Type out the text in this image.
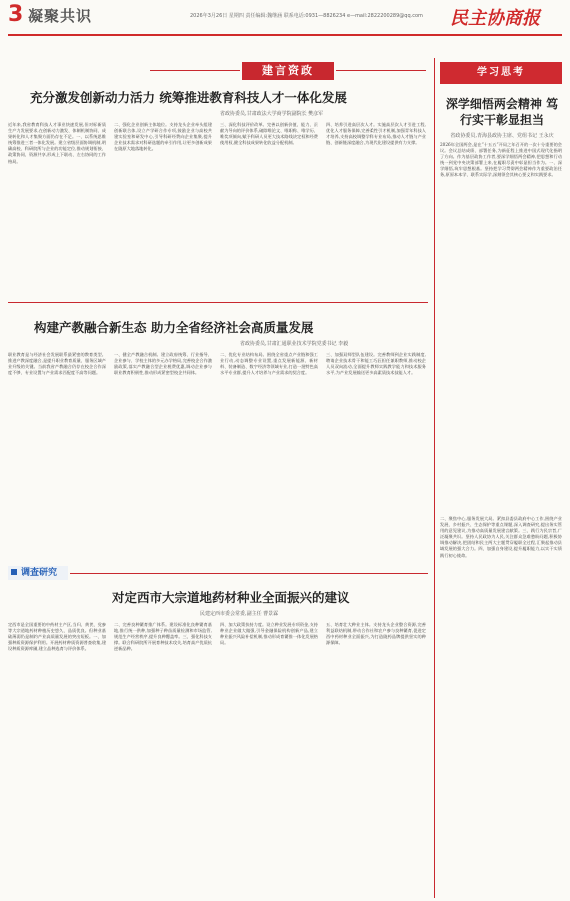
3 凝聚共识	2026年3月26日 星期四 责任编辑:魏继涵 联系电话:0931—8826234 e—mail:2822200289@qq.com 民主协商报
建言资政	学习思考
深学细悟两会精神 笃行实干彰显担当
省政协委员,青海县政协主席、党组书记 王永庆
2026年全国两会,是在“十五五”开局之年召开的一次十分重要的会议。会议总结成绩、部署任务,为新征程上推进中国式现代化指明了方向。作为基层政协工作者,要深学细悟两会精神,把思想和行动统一到党中央决策部署上来,在履职尽责中彰显担当作为。一、深学细悟,筑牢思想根基。坚持把学习贯彻两会精神作为重要政治任务,原原本本学、联系实际学,深刻领会其核心要义和实践要求。
二、聚焦中心,服务发展大局。紧扣县委县政府中心工作,围绕产业发展、乡村振兴、生态保护等重点课题,深入调查研究,提出务实管用的意见建议,为推动高质量发展建言献策。三、践行为民宗旨,广泛凝聚共识。坚持人民政协为人民,关注群众急难愁盼问题,积极协调推动解决,把团结和民主两大主题贯穿履职全过程,汇聚起推动县域发展的强大合力。四、加强自身建设,提升履职能力,以实干实绩践行初心使命。
充分激发创新动力活力 统筹推进教育科技人才一体化发展
省政协委员,甘肃政法大学商学院副院长 樊彦军
近年来,我省教育科技人才事业快速发展,但对标新质生产力发展要求,在创新动力激发、体制机制协同、成果转化和人才集聚方面仍存在不足。一、以系统思维统筹推进三者一体化发展。建立省级层面协调机制,明确高校、科研院所与企业的功能定位,推动规划衔接、政策协同、资源共享,形成上下联动、左右协同的工作格局。
二、强化企业创新主体地位。支持龙头企业牵头组建创新联合体,设立产学研合作专项,鼓励企业与高校共建实验室和研发中心,引导科研经费向企业集聚,提升企业技术需求对科研选题的牵引作用,让更多创新成果在陇原大地落地转化。
三、深化科技评价改革。完善以创新价值、能力、贡献为导向的评价体系,破除唯论文、唯职称、唯学历、唯奖项倾向,赋予科研人员更大技术路线决定权和经费使用权,健全科技成果转化收益分配机制。
四、培养引进高层次人才。实施高层次人才引进工程,优化人才服务保障,完善柔性引才机制,加强青年科技人才培养,支持高校调整学科专业布局,推动人才链与产业链、创新链深度融合,为现代化建设提供有力支撑。
构建产教融合新生态 助力全省经济社会高质量发展
省政协委员,甘肃汇通职业技术学院党委书记 李毅
职业教育是与经济社会发展联系最紧密的教育类型。推进产教深度融合,是提升职业教育质量、服务区域产业升级的关键。当前我省产教融合仍存在校企合作深度不够、专业设置与产业需求匹配度不高等问题。
一、健全产教融合机制。建立政府统筹、行业指导、企业参与、学校主体的多元办学格局,完善校企合作激励政策,落实产教融合型企业税费优惠,调动企业参与职业教育积极性,推动形成紧密型校企共同体。
二、优化专业结构布局。围绕全省重点产业链和强工业行动,动态调整专业设置,重点发展新能源、新材料、装备制造、数字经济等领域专业,打造一批特色高水平专业群,提升人才培养与产业需求的契合度。
三、加强双师型队伍建设。完善教师到企业实践制度,聘请企业技术骨干和能工巧匠担任兼职教师,推动校企人员双向流动,全面提升教师实践教学能力和技术服务水平,为产业发展输送更多高素质技术技能人才。
调查研究
对定西市大宗道地药材种业全面振兴的建议
民建定西市委会常委,副主任 曹景霖
定西市是全国重要的中药材主产区,当归、黄芪、党参等大宗道地药材种植历史悠久、品质优良。但种业基础薄弱仍是制约产业高质量发展的突出短板。一、加强种质资源保护利用。开展药材种质资源普查收集,建设种质资源库圃,建立品种选育与评价体系。
二、完善良种繁育推广体系。建设标准化良种繁育基地,推行统一供种,加强种子种苗质量检测和市场监管,规范生产经营秩序,提升良种覆盖率。三、强化科技支撑。联合科研院所开展育种技术攻关,培育高产优质抗逆新品种。
四、加大政策扶持力度。设立种业发展专项资金,支持种业企业做大做强,引导金融保险机构创新产品,建立种业振兴风险补偿机制,推动形成育繁推一体化发展格局。
五、培育壮大种业主体。支持龙头企业整合资源,完善利益联结机制,带动合作社和农户参与良种繁育,促进定西中药材种业全面振兴,为打造陇药品牌提供坚实的种源保障。
